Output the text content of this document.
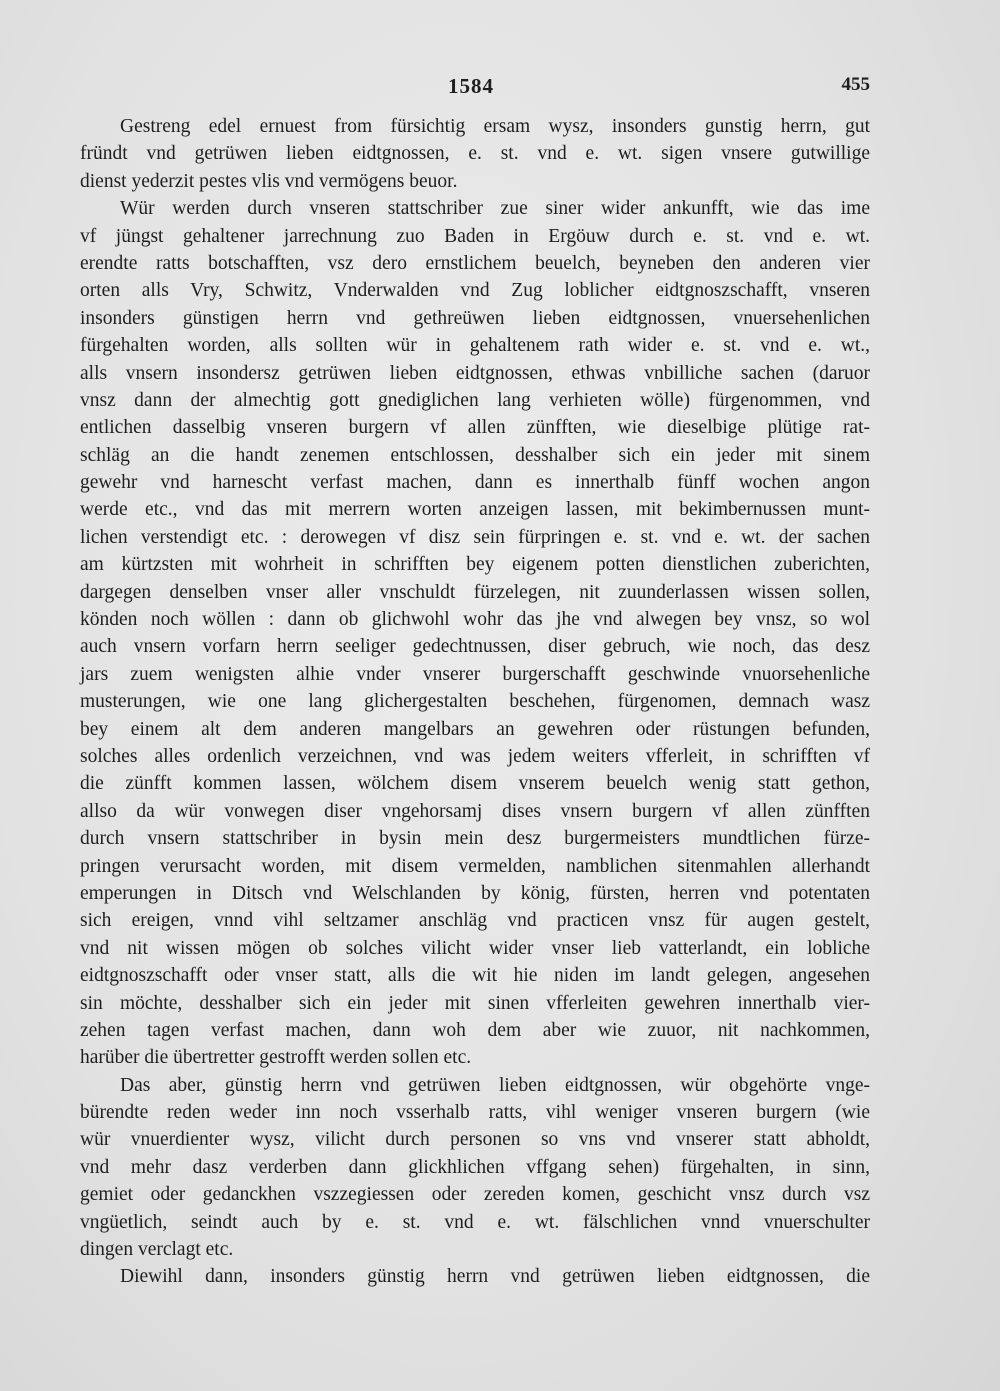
1584	455
Gestreng edel ernuest from fürsichtig ersam wysz, insonders gunstig herrn, gut
fründt vnd getrüwen lieben eidtgnossen, e. st. vnd e. wt. sigen vnsere gutwillige
dienst yederzit pestes vlis vnd vermögens beuor.
Wür werden durch vnseren stattschriber zue siner wider ankunfft, wie das ime
vf jüngst gehaltener jarrechnung zuo Baden in Ergöuw durch e. st. vnd e. wt.
erendte ratts botschafften, vsz dero ernstlichem beuelch, beyneben den anderen vier
orten alls Vry, Schwitz, Vnderwalden vnd Zug loblicher eidtgnoszschafft, vnseren
insonders günstigen herrn vnd gethreüwen lieben eidtgnossen, vnuersehenlichen
fürgehalten worden, alls sollten wür in gehaltenem rath wider e. st. vnd e. wt.,
alls vnsern insondersz getrüwen lieben eidtgnossen, ethwas vnbilliche sachen (daruor
vnsz dann der almechtig gott gnediglichen lang verhieten wölle) fürgenommen, vnd
entlichen dasselbig vnseren burgern vf allen zünfften, wie dieselbige plütige rat-
schläg an die handt zenemen entschlossen, desshalber sich ein jeder mit sinem
gewehr vnd harnescht verfast machen, dann es innerthalb fünff wochen angon
werde etc., vnd das mit merrern worten anzeigen lassen, mit bekimbernussen munt-
lichen verstendigt etc. : derowegen vf disz sein fürpringen e. st. vnd e. wt. der sachen
am kürtzsten mit wohrheit in schrifften bey eigenem potten dienstlichen zuberichten,
dargegen denselben vnser aller vnschuldt fürzelegen, nit zuunderlassen wissen sollen,
könden noch wöllen : dann ob glichwohl wohr das jhe vnd alwegen bey vnsz, so wol
auch vnsern vorfarn herrn seeliger gedechtnussen, diser gebruch, wie noch, das desz
jars zuem wenigsten alhie vnder vnserer burgerschafft geschwinde vnuorsehenliche
musterungen, wie one lang glichergestalten beschehen, fürgenomen, demnach wasz
bey einem alt dem anderen mangelbars an gewehren oder rüstungen befunden,
solches alles ordenlich verzeichnen, vnd was jedem weiters vfferleit, in schrifften vf
die zünfft kommen lassen, wölchem disem vnserem beuelch wenig statt gethon,
allso da wür vonwegen diser vngehorsamj dises vnsern burgern vf allen zünfften
durch vnsern stattschriber in bysin mein desz burgermeisters mundtlichen fürze-
pringen verursacht worden, mit disem vermelden, namblichen sitenmahlen allerhandt
emperungen in Ditsch vnd Welschlanden by könig, fürsten, herren vnd potentaten
sich ereigen, vnnd vihl seltzamer anschläg vnd practicen vnsz für augen gestelt,
vnd nit wissen mögen ob solches vilicht wider vnser lieb vatterlandt, ein lobliche
eidtgnoszschafft oder vnser statt, alls die wit hie niden im landt gelegen, angesehen
sin möchte, desshalber sich ein jeder mit sinen vfferleiten gewehren innerthalb vier-
zehen tagen verfast machen, dann woh dem aber wie zuuor, nit nachkommen,
harüber die übertretter gestrofft werden sollen etc.
Das aber, günstig herrn vnd getrüwen lieben eidtgnossen, wür obgehörte vnge-
bürendte reden weder inn noch vsserhalb ratts, vihl weniger vnseren burgern (wie
wür vnuerdienter wysz, vilicht durch personen so vns vnd vnserer statt abholdt,
vnd mehr dasz verderben dann glickhlichen vffgang sehen) fürgehalten, in sinn,
gemiet oder gedanckhen vszzegiessen oder zereden komen, geschicht vnsz durch vsz
vngüetlich, seindt auch by e. st. vnd e. wt. fälschlichen vnnd vnuerschulter
dingen verclagt etc.
Diewihl dann, insonders günstig herrn vnd getrüwen lieben eidtgnossen, die
